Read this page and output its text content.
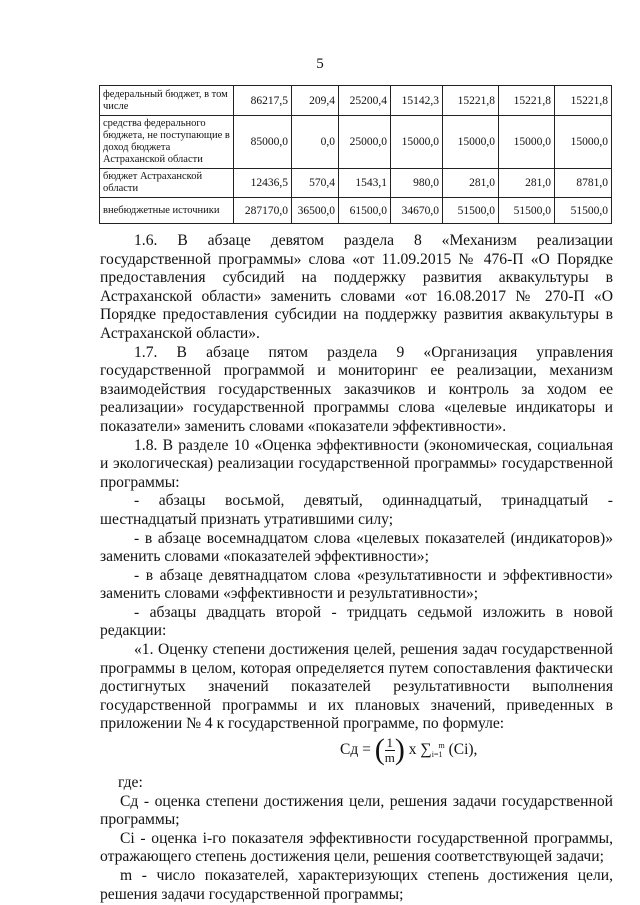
5
федеральный бюджет, в том числе	86217,5	209,4	25200,4	15142,3	15221,8	15221,8	15221,8
средства федерального бюджета, не поступающие в доход бюджета Астраханской области	85000,0	0,0	25000,0	15000,0	15000,0	15000,0	15000,0
бюджет Астраханской области	12436,5	570,4	1543,1	980,0	281,0	281,0	8781,0
внебюджетные источники	287170,0	36500,0	61500,0	34670,0	51500,0	51500,0	51500,0

1.6. В абзаце девятом раздела 8 «Механизм реализации государственной программы» слова «от 11.09.2015 № 476-П «О Порядке предоставления субсидий на поддержку развития аквакультуры в Астраханской области» заменить словами «от 16.08.2017 № 270-П «О Порядке предоставления субсидии на поддержку развития аквакультуры в Астраханской области».

1.7. В абзаце пятом раздела 9 «Организация управления государственной программой и мониторинг ее реализации, механизм взаимодействия государственных заказчиков и контроль за ходом ее реализации» государственной программы слова «целевые индикаторы и показатели» заменить словами «показатели эффективности».

1.8. В разделе 10 «Оценка эффективности (экономическая, социальная и экологическая) реализации государственной программы» государственной программы:

- абзацы восьмой, девятый, одиннадцатый, тринадцатый - шестнадцатый признать утратившими силу;

- в абзаце восемнадцатом слова «целевых показателей (индикаторов)» заменить словами «показателей эффективности»;

- в абзаце девятнадцатом слова «результативности и эффективности» заменить словами «эффективности и результативности»;

- абзацы двадцать второй - тридцать седьмой изложить в новой редакции:

«1. Оценку степени достижения целей, решения задач государственной программы в целом, которая определяется путем сопоставления фактически достигнутых значений показателей результативности выполнения государственной программы и их плановых значений, приведенных в приложении № 4 к государственной программе, по формуле:

Сд = $(\frac{1}{m})$ x $\sum_{i=1}^m$ (Ci),

где:

Сд - оценка степени достижения цели, решения задачи государственной программы;

Сi - оценка i-го показателя эффективности государственной программы, отражающего степень достижения цели, решения соответствующей задачи;

m - число показателей, характеризующих степень достижения цели, решения задачи государственной программы;
